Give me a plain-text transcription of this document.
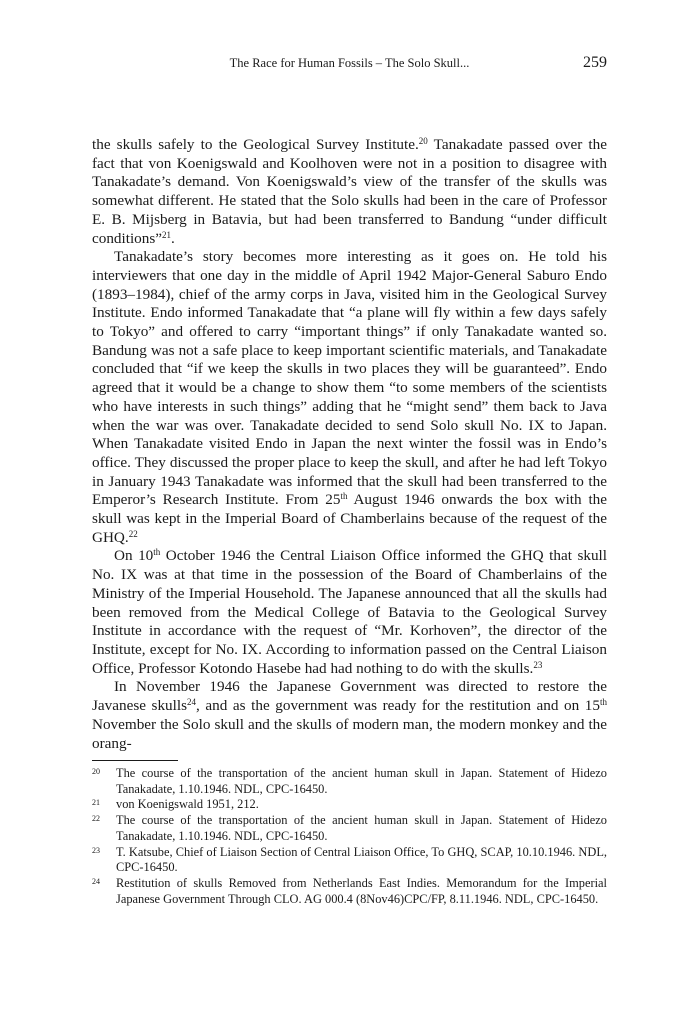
The Race for Human Fossils – The Solo Skull...	259

the skulls safely to the Geological Survey Institute.$^{20}$ Tanakadate passed over the fact that von Koenigswald and Koolhoven were not in a position to disagree with Tanakadate’s demand. Von Koenigswald’s view of the transfer of the skulls was somewhat different. He stated that the Solo skulls had been in the care of Professor E. B. Mijsberg in Batavia, but had been transferred to Bandung “under difficult conditions”$^{21}$.

Tanakadate’s story becomes more interesting as it goes on. He told his interviewers that one day in the middle of April 1942 Major-General Saburo Endo (1893–1984), chief of the army corps in Java, visited him in the Geological Survey Institute. Endo informed Tanakadate that “a plane will fly within a few days safely to Tokyo” and offered to carry “important things” if only Tanakadate wanted so. Bandung was not a safe place to keep important scientific materials, and Tanakadate concluded that “if we keep the skulls in two places they will be guaranteed”. Endo agreed that it would be a change to show them “to some members of the scientists who have interests in such things” adding that he “might send” them back to Java when the war was over. Tanakadate decided to send Solo skull No. IX to Japan. When Tanakadate visited Endo in Japan the next winter the fossil was in Endo’s office. They discussed the proper place to keep the skull, and after he had left Tokyo in January 1943 Tanakadate was informed that the skull had been transferred to the Emperor’s Research Institute. From 25th August 1946 onwards the box with the skull was kept in the Imperial Board of Chamberlains because of the request of the GHQ.$^{22}$

On 10th October 1946 the Central Liaison Office informed the GHQ that skull No. IX was at that time in the possession of the Board of Chamberlains of the Ministry of the Imperial Household. The Japanese announced that all the skulls had been removed from the Medical College of Batavia to the Geological Survey Institute in accordance with the request of “Mr. Korhoven”, the director of the Institute, except for No. IX. According to information passed on the Central Liaison Office, Professor Kotondo Hasebe had had nothing to do with the skulls.$^{23}$

In November 1946 the Japanese Government was directed to restore the Javanese skulls$^{24}$, and as the government was ready for the restitution and on 15th November the Solo skull and the skulls of modern man, the modern monkey and the orang-

20	The course of the transportation of the ancient human skull in Japan. Statement of Hidezo Tanakadate, 1.10.1946. NDL, CPC-16450.
21	von Koenigswald 1951, 212.
22	The course of the transportation of the ancient human skull in Japan. Statement of Hidezo Tanakadate, 1.10.1946. NDL, CPC-16450.
23	T. Katsube, Chief of Liaison Section of Central Liaison Office, To GHQ, SCAP, 10.10.1946. NDL, CPC-16450.
24	Restitution of skulls Removed from Netherlands East Indies. Memorandum for the Imperial Japanese Government Through CLO. AG 000.4 (8Nov46)CPC/FP, 8.11.1946. NDL, CPC-16450.
